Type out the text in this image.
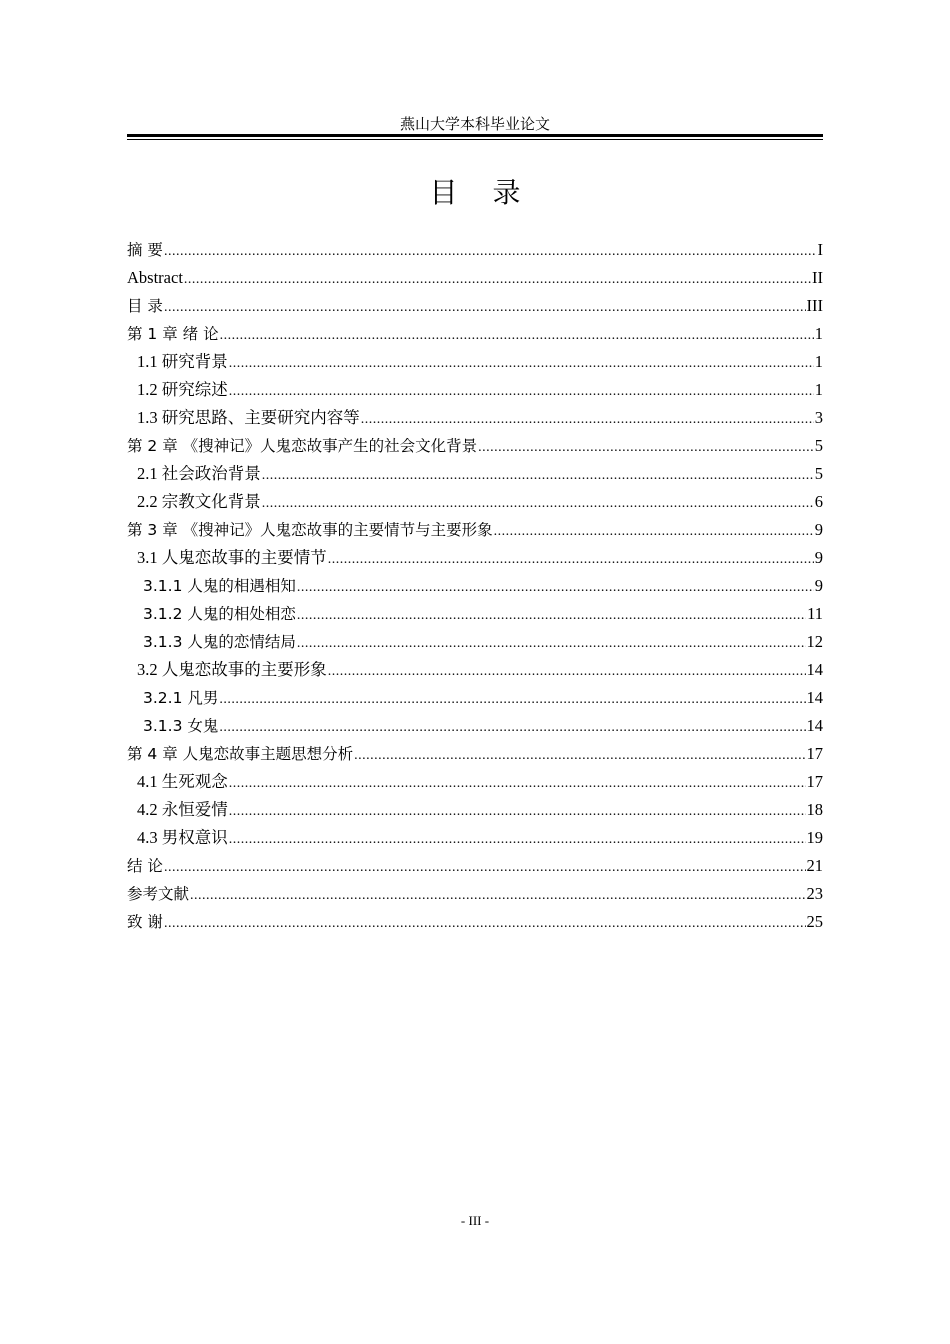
燕山大学本科毕业论文
目 录
摘 要 .....	I
Abstract .....	II
目 录 .....	III
第 1 章 绪 论 .....	1
1.1 研究背景 .....	1
1.2 研究综述 .....	1
1.3 研究思路、主要研究内容等 .....	3
第 2 章 《搜神记》人鬼恋故事产生的社会文化背景 .....	5
2.1 社会政治背景 .....	5
2.2 宗教文化背景 .....	6
第 3 章 《搜神记》人鬼恋故事的主要情节与主要形象 .....	9
3.1 人鬼恋故事的主要情节 .....	9
3.1.1 人鬼的相遇相知 .....	9
3.1.2 人鬼的相处相恋 .....	11
3.1.3 人鬼的恋情结局 .....	12
3.2 人鬼恋故事的主要形象 .....	14
3.2.1 凡男 .....	14
3.1.3 女鬼 .....	14
第 4 章 人鬼恋故事主题思想分析 .....	17
4.1 生死观念 .....	17
4.2 永恒爱情 .....	18
4.3 男权意识 .....	19
结 论 .....	21
参考文献 .....	23
致 谢 .....	25
- III -
